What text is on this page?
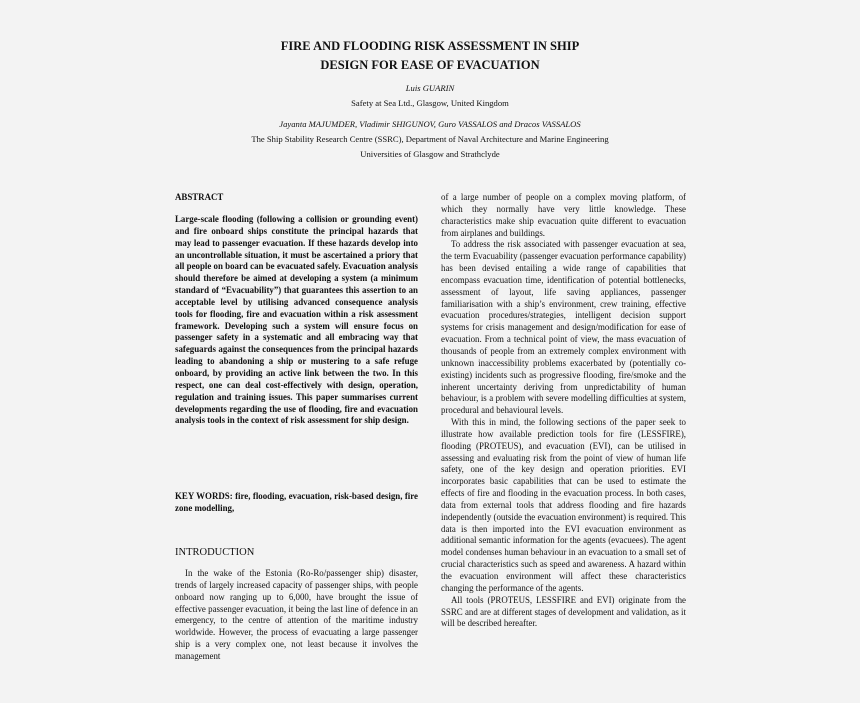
FIRE AND FLOODING RISK ASSESSMENT IN SHIP
DESIGN FOR EASE OF EVACUATION
Luis GUARIN
Safety at Sea Ltd., Glasgow, United Kingdom
Jayanta MAJUMDER, Vladimir SHIGUNOV, Guro VASSALOS and Dracos VASSALOS
The Ship Stability Research Centre (SSRC), Department of Naval Architecture and Marine Engineering
Universities of Glasgow and Strathclyde
ABSTRACT

Large-scale flooding (following a collision or grounding event) and fire onboard ships constitute the principal hazards that may lead to passenger evacuation. If these hazards develop into an uncontrollable situation, it must be ascertained a priory that all people on board can be evacuated safely. Evacuation analysis should therefore be aimed at developing a system (a minimum standard of “Evacuability”) that guarantees this assertion to an acceptable level by utilising advanced consequence analysis tools for flooding, fire and evacuation within a risk assessment framework. Developing such a system will ensure focus on passenger safety in a systematic and all embracing way that safeguards against the consequences from the principal hazards leading to abandoning a ship or mustering to a safe refuge onboard, by providing an active link between the two. In this respect, one can deal cost-effectively with design, operation, regulation and training issues. This paper summarises current developments regarding the use of flooding, fire and evacuation analysis tools in the context of risk assessment for ship design.

KEY WORDS: fire, flooding, evacuation, risk-based design, fire zone modelling,

INTRODUCTION

In the wake of the Estonia (Ro-Ro/passenger ship) disaster, trends of largely increased capacity of passenger ships, with people onboard now ranging up to 6,000, have brought the issue of effective passenger evacuation, it being the last line of defence in an emergency, to the centre of attention of the maritime industry worldwide. However, the process of evacuating a large passenger ship is a very complex one, not least because it involves the management

of a large number of people on a complex moving platform, of which they normally have very little knowledge. These characteristics make ship evacuation quite different to evacuation from airplanes and buildings.

To address the risk associated with passenger evacuation at sea, the term Evacuability (passenger evacuation performance capability) has been devised entailing a wide range of capabilities that encompass evacuation time, identification of potential bottlenecks, assessment of layout, life saving appliances, passenger familiarisation with a ship’s environment, crew training, effective evacuation procedures/strategies, intelligent decision support systems for crisis management and design/modification for ease of evacuation. From a technical point of view, the mass evacuation of thousands of people from an extremely complex environment with unknown inaccessibility problems exacerbated by (potentially co-existing) incidents such as progressive flooding, fire/smoke and the inherent uncertainty deriving from unpredictability of human behaviour, is a problem with severe modelling difficulties at system, procedural and behavioural levels.

With this in mind, the following sections of the paper seek to illustrate how available prediction tools for fire (LESSFIRE), flooding (PROTEUS), and evacuation (EVI), can be utilised in assessing and evaluating risk from the point of view of human life safety, one of the key design and operation priorities. EVI incorporates basic capabilities that can be used to estimate the effects of fire and flooding in the evacuation process. In both cases, data from external tools that address flooding and fire hazards independently (outside the evacuation environment) is required. This data is then imported into the EVI evacuation environment as additional semantic information for the agents (evacuees). The agent model condenses human behaviour in an evacuation to a small set of crucial characteristics such as speed and awareness. A hazard within the evacuation environment will affect these characteristics changing the performance of the agents.

All tools (PROTEUS, LESSFIRE and EVI) originate from the SSRC and are at different stages of development and validation, as it will be described hereafter.
